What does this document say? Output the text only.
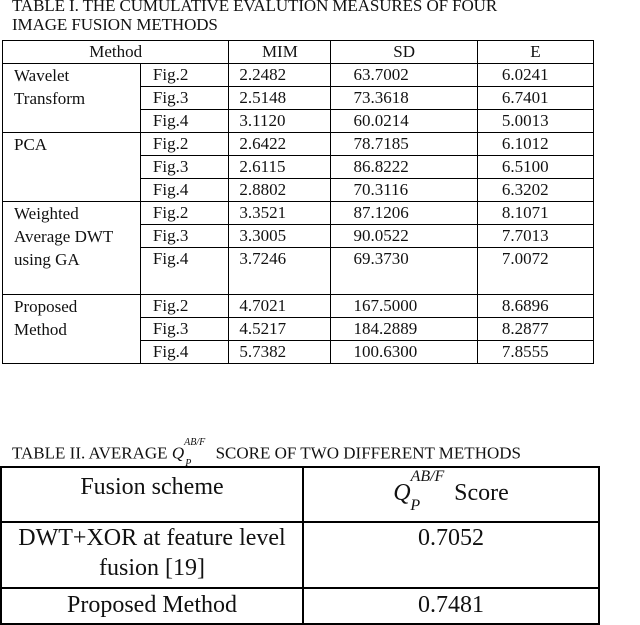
TABLE I. THE CUMULATIVE EVALUTION MEASURES OF FOUR
IMAGE FUSION METHODS
Method		MIM	SD	E
Wavelet Transform	Fig.2	2.2482	63.7002	6.0241
	Fig.3	2.5148	73.3618	6.7401
	Fig.4	3.1120	60.0214	5.0013
PCA	Fig.2	2.6422	78.7185	6.1012
	Fig.3	2.6115	86.8222	6.5100
	Fig.4	2.8802	70.3116	6.3202
Weighted Average DWT using GA	Fig.2	3.3521	87.1206	8.1071
	Fig.3	3.3005	90.0522	7.7013
	Fig.4	3.7246	69.3730	7.0072
Proposed Method	Fig.2	4.7021	167.5000	8.6896
	Fig.3	4.5217	184.2889	8.2877
	Fig.4	5.7382	100.6300	7.8555
TABLE II. AVERAGE $Q^{AB/F}_P$ SCORE OF TWO DIFFERENT METHODS
Fusion scheme	$Q^{AB/F}_P$ Score
DWT+XOR at feature level fusion [19]	0.7052
Proposed Method	0.7481
